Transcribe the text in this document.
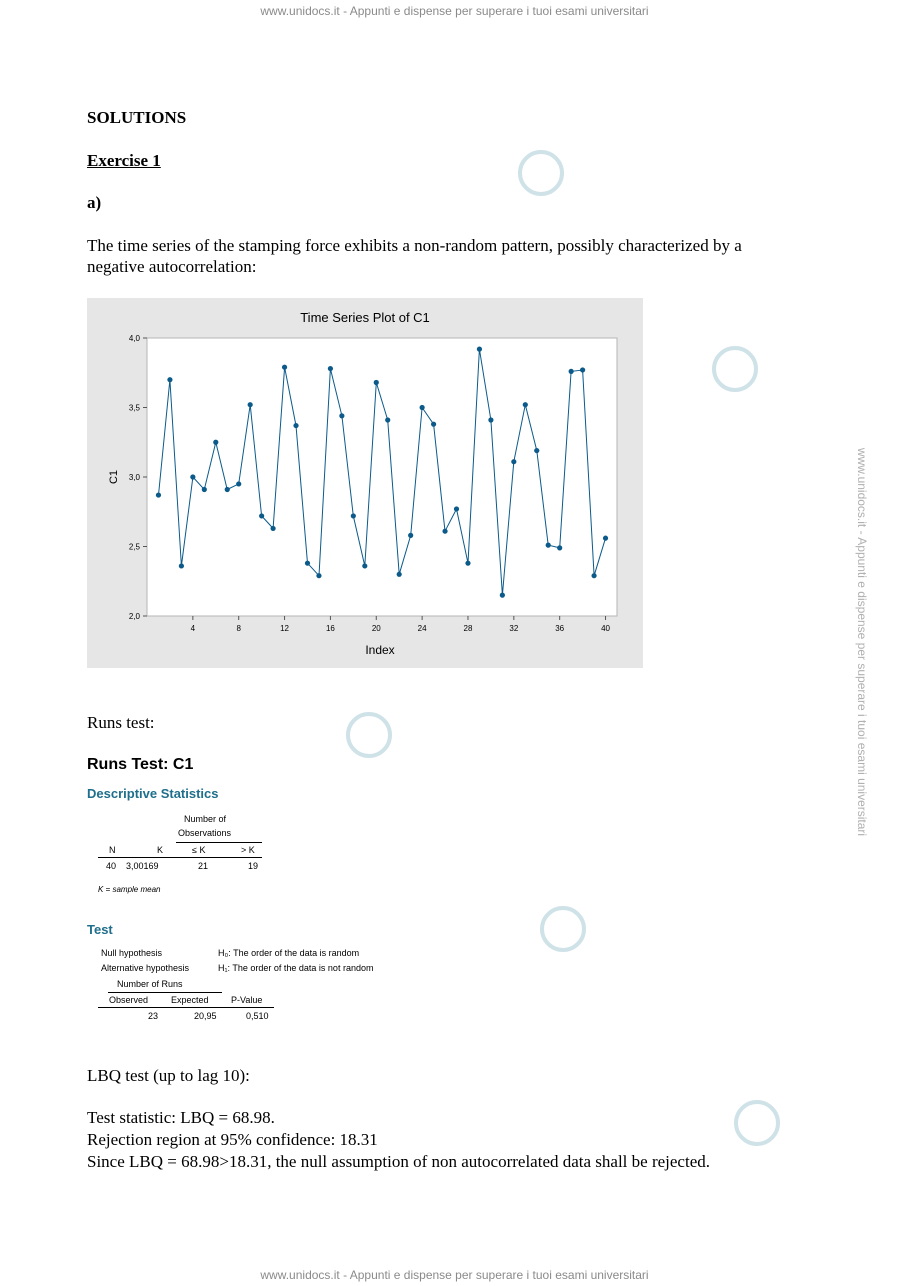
www.unidocs.it - Appunti e dispense per superare i tuoi esami universitari
www.unidocs.it - Appunti e dispense per superare i tuoi esami universitari
www.unidocs.it - Appunti e dispense per superare i tuoi esami universitari
SOLUTIONS
Exercise 1
a)
The time series of the stamping force exhibits a non-random pattern, possibly characterized by a
negative autocorrelation:
Time Series Plot of C1
2,0
2,5
3,0
3,5
4,0
4	8	12	16	20	24	28	32	36	40
Index
C1
Runs test:
Runs Test: C1
Descriptive Statistics
Number of
Observations
N	K	≤ K	> K
40 3,00169	21	19
K = sample mean
Test
Null hypothesis	H₀: The order of the data is random
Alternative hypothesis	H₁: The order of the data is not random
Number of Runs
Observed	Expected P-Value
23	20,95	0,510
LBQ test (up to lag 10):
Test statistic: LBQ = 68.98.
Rejection region at 95% confidence: 18.31
Since LBQ = 68.98>18.31, the null assumption of non autocorrelated data shall be rejected.
